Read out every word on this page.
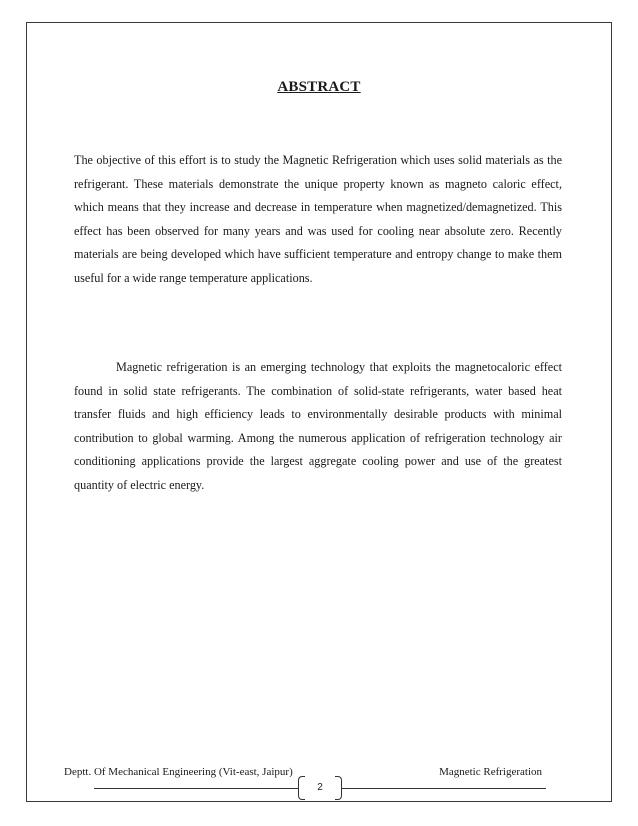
ABSTRACT

The objective of this effort is to study the Magnetic Refrigeration which uses solid materials as the refrigerant. These materials demonstrate the unique property known as magneto caloric effect, which means that they increase and decrease in temperature when magnetized/demagnetized. This effect has been observed for many years and was used for cooling near absolute zero. Recently materials are being developed which have sufficient temperature and entropy change to make them useful for a wide range temperature applications.

Magnetic refrigeration is an emerging technology that exploits the magnetocaloric effect found in solid state refrigerants. The combination of solid-state refrigerants, water based heat transfer fluids and high efficiency leads to environmentally desirable products with minimal contribution to global warming. Among the numerous application of refrigeration technology air conditioning applications provide the largest aggregate cooling power and use of the greatest quantity of electric energy.

Deptt. Of Mechanical Engineering (Vit-east, Jaipur)	Magnetic Refrigeration
2
